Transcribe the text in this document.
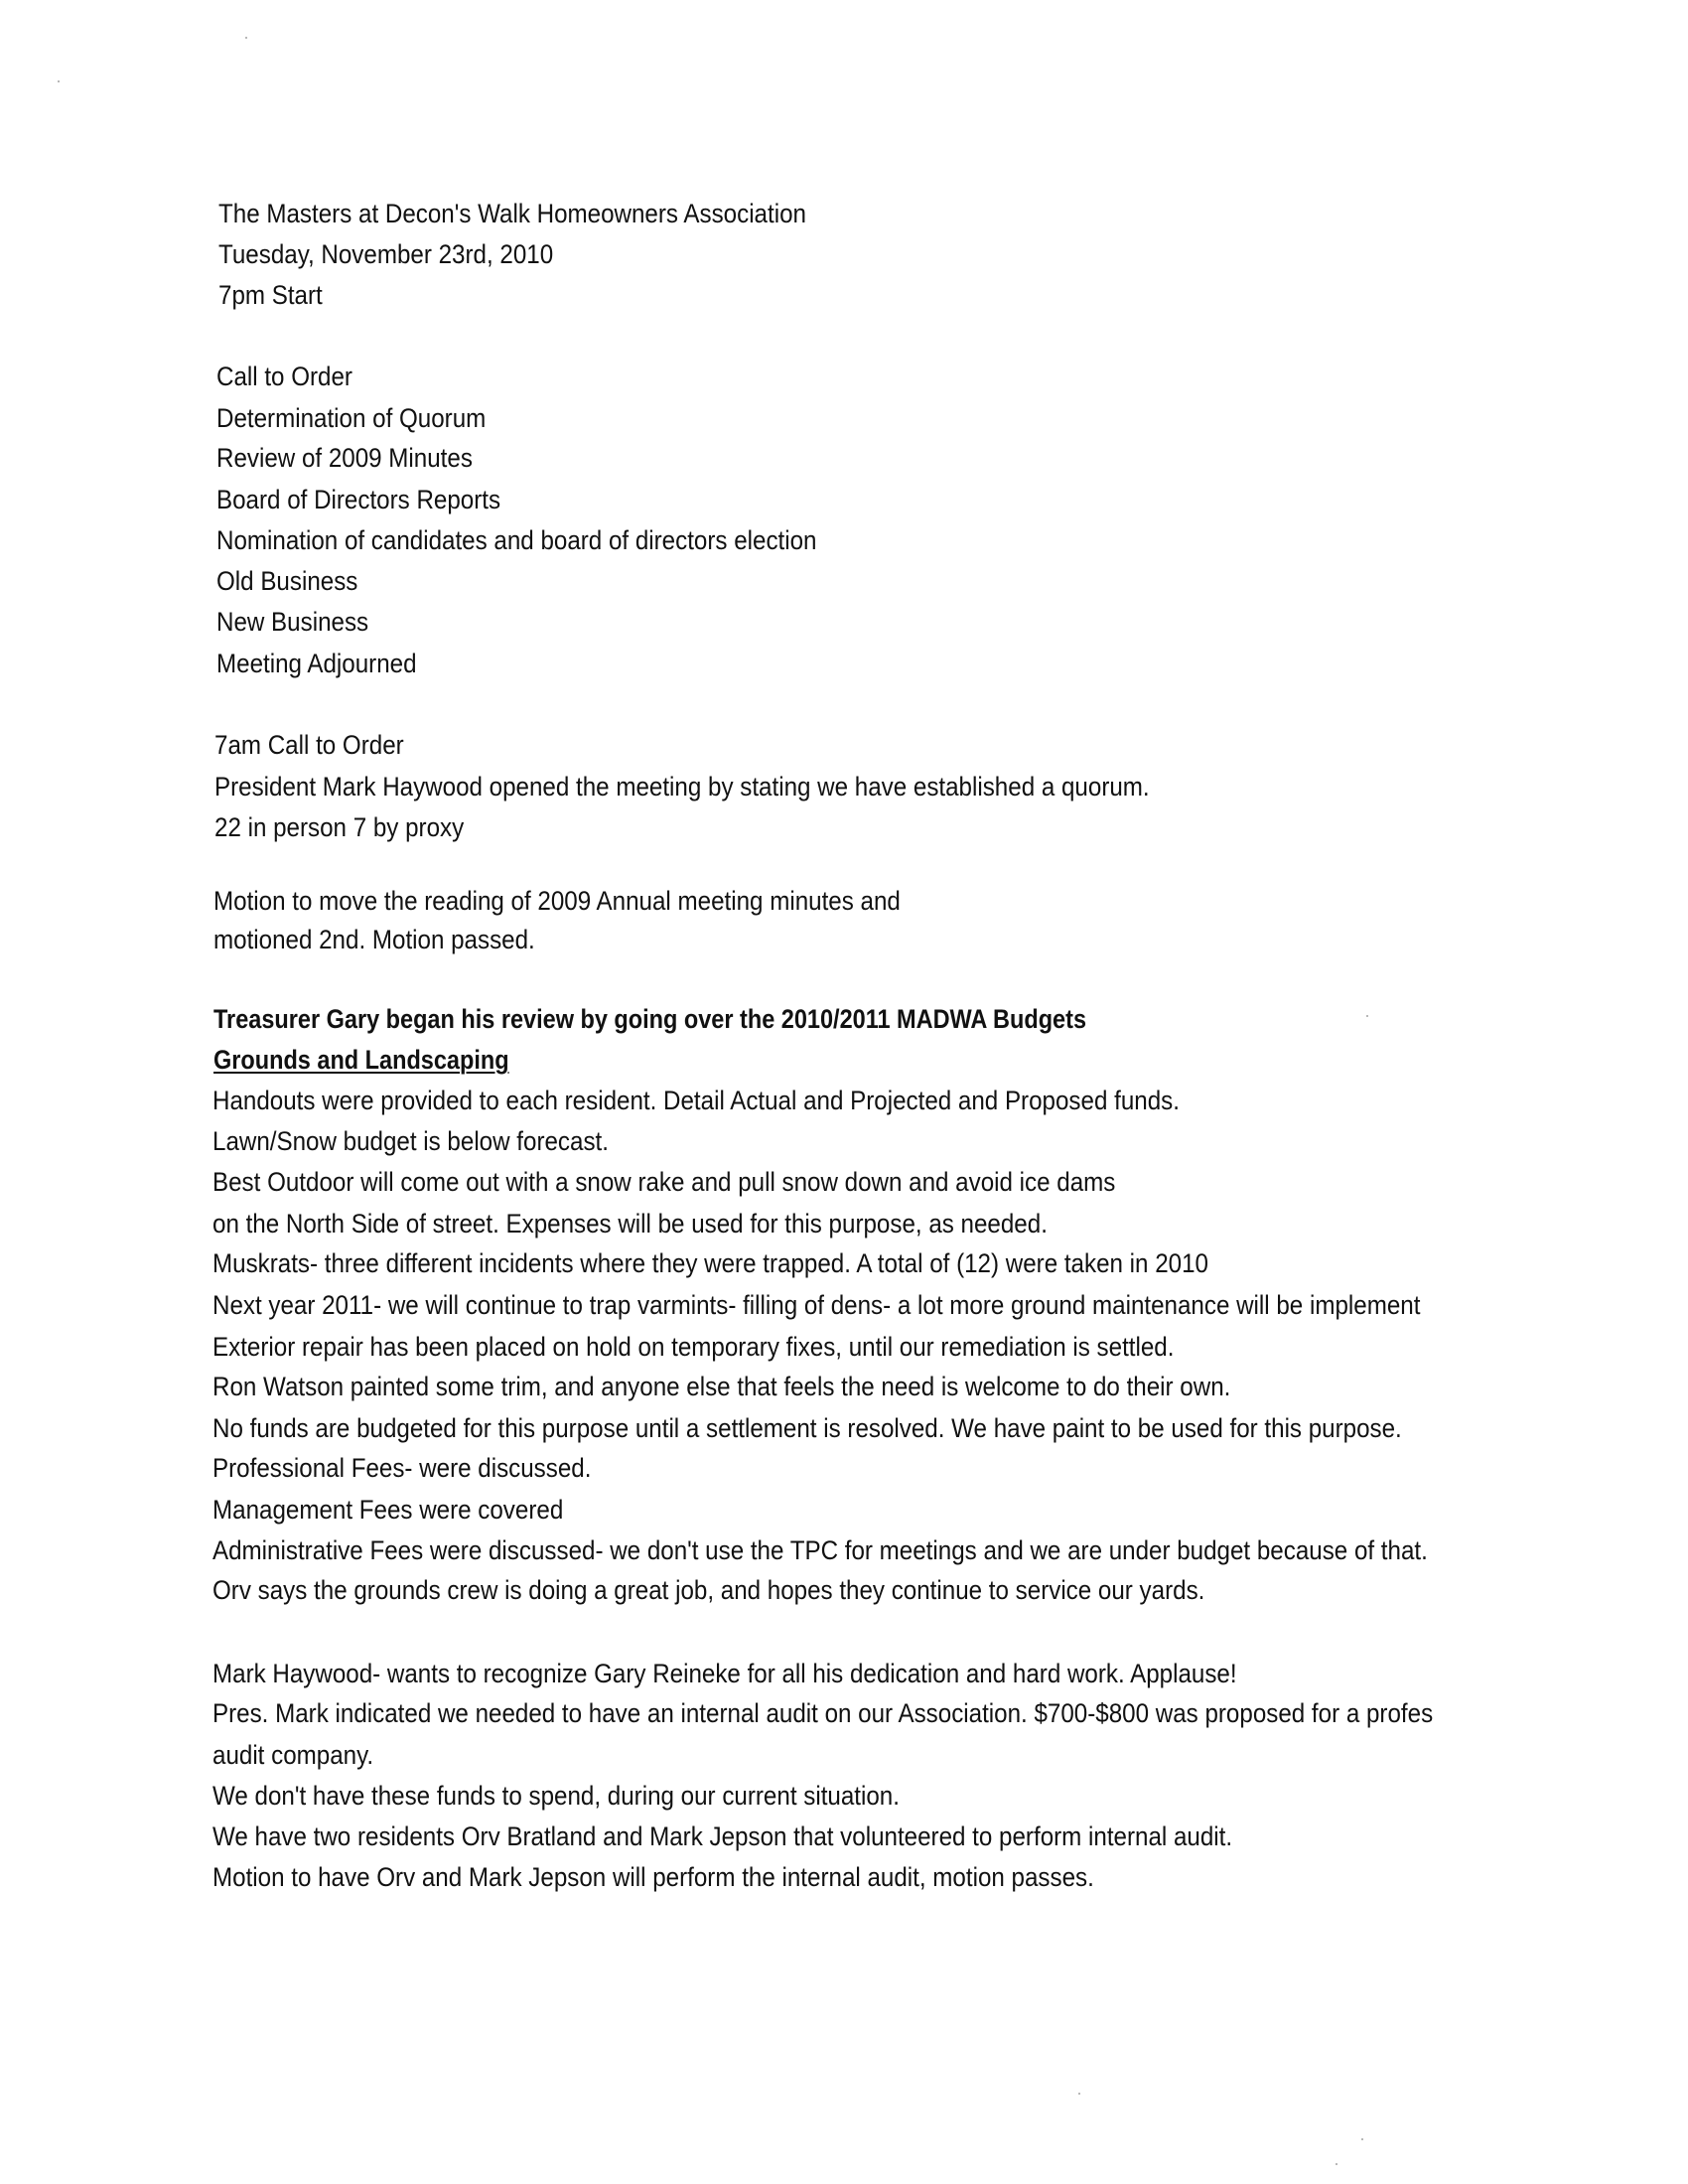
The Masters at Decon's Walk Homeowners Association
Tuesday, November 23rd, 2010
7pm Start
Call to Order
Determination of Quorum
Review of 2009 Minutes
Board of Directors Reports
Nomination of candidates and board of directors election
Old Business
New Business
Meeting Adjourned
7am Call to Order
President Mark Haywood opened the meeting by stating we have established a quorum.
22 in person 7 by proxy
Motion to move the reading of 2009 Annual meeting minutes and
motioned 2nd. Motion passed.
Treasurer Gary began his review by going over the 2010/2011 MADWA Budgets
Grounds and Landscaping
Handouts were provided to each resident. Detail Actual and Projected and Proposed funds.
Lawn/Snow budget is below forecast.
Best Outdoor will come out with a snow rake and pull snow down and avoid ice dams
on the North Side of street. Expenses will be used for this purpose, as needed.
Muskrats- three different incidents where they were trapped. A total of (12) were taken in 2010
Next year 2011- we will continue to trap varmints- filling of dens- a lot more ground maintenance will be implement
Exterior repair has been placed on hold on temporary fixes, until our remediation is settled.
Ron Watson painted some trim, and anyone else that feels the need is welcome to do their own.
No funds are budgeted for this purpose until a settlement is resolved. We have paint to be used for this purpose.
Professional Fees- were discussed.
Management Fees were covered
Administrative Fees were discussed- we don't use the TPC for meetings and we are under budget because of that.
Orv says the grounds crew is doing a great job, and hopes they continue to service our yards.
Mark Haywood- wants to recognize Gary Reineke for all his dedication and hard work. Applause!
Pres. Mark indicated we needed to have an internal audit on our Association. $700-$800 was proposed for a profes
audit company.
We don't have these funds to spend, during our current situation.
We have two residents Orv Bratland and Mark Jepson that volunteered to perform internal audit.
Motion to have Orv and Mark Jepson will perform the internal audit, motion passes.
